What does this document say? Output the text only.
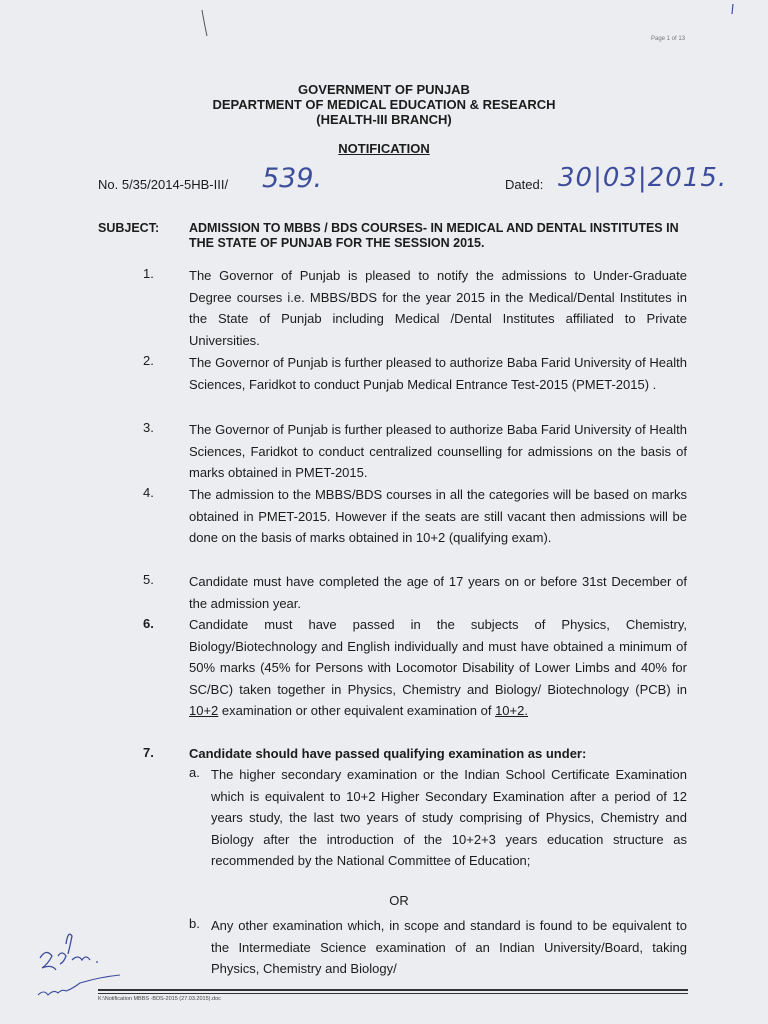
Page 1 of 13
GOVERNMENT OF PUNJAB
DEPARTMENT OF MEDICAL EDUCATION & RESEARCH
(HEALTH-III BRANCH)
NOTIFICATION
No. 5/35/2014-5HB-III/ 539.	Dated: 30|03|2015.
SUBJECT: ADMISSION TO MBBS / BDS COURSES- IN MEDICAL AND DENTAL INSTITUTES IN THE STATE OF PUNJAB FOR THE SESSION 2015.
1.	The Governor of Punjab is pleased to notify the admissions to Under-Graduate Degree courses i.e. MBBS/BDS for the year 2015 in the Medical/Dental Institutes in the State of Punjab including Medical /Dental Institutes affiliated to Private Universities.
2.	The Governor of Punjab is further pleased to authorize Baba Farid University of Health Sciences, Faridkot to conduct Punjab Medical Entrance Test-2015 (PMET-2015) .
3.	The Governor of Punjab is further pleased to authorize Baba Farid University of Health Sciences, Faridkot to conduct centralized counselling for admissions on the basis of marks obtained in PMET-2015.
4.	The admission to the MBBS/BDS courses in all the categories will be based on marks obtained in PMET-2015. However if the seats are still vacant then admissions will be done on the basis of marks obtained in 10+2 (qualifying exam).
5.	Candidate must have completed the age of 17 years on or before 31st December of the admission year.
6.	Candidate must have passed in the subjects of Physics, Chemistry, Biology/Biotechnology and English individually and must have obtained a minimum of 50% marks (45% for Persons with Locomotor Disability of Lower Limbs and 40% for SC/BC) taken together in Physics, Chemistry and Biology/ Biotechnology (PCB) in 10+2 examination or other equivalent examination of 10+2.
7.	Candidate should have passed qualifying examination as under:
a. The higher secondary examination or the Indian School Certificate Examination which is equivalent to 10+2 Higher Secondary Examination after a period of 12 years study, the last two years of study comprising of Physics, Chemistry and Biology after the introduction of the 10+2+3 years education structure as recommended by the National Committee of Education;
OR
b. Any other examination which, in scope and standard is found to be equivalent to the Intermediate Science examination of an Indian University/Board, taking Physics, Chemistry and Biology/
K:\Notification MBBS -BDS-2015 (27.03.2015).doc
